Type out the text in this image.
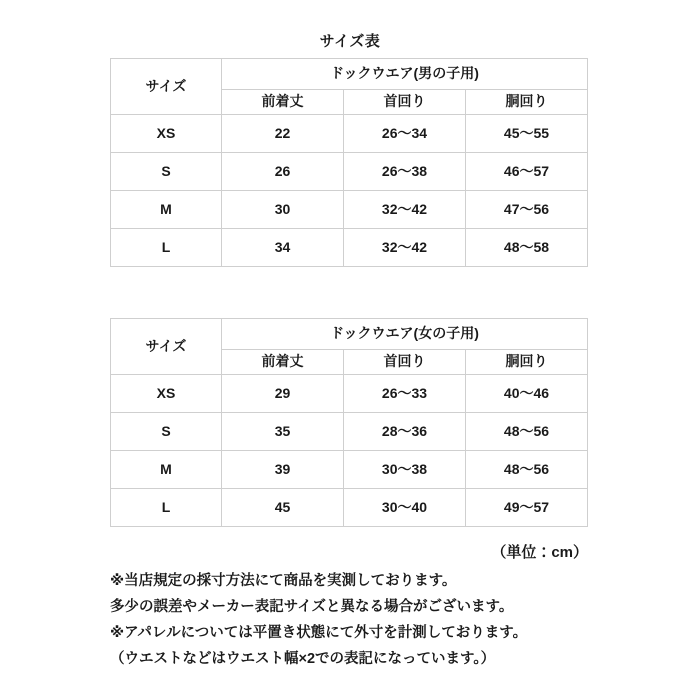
サイズ表
サイズ	ドックウエア(男の子用)		
	前着丈	首回り	胴回り
XS	22	26〜34	45〜55
S	26	26〜38	46〜57
M	30	32〜42	47〜56
L	34	32〜42	48〜58
サイズ	ドックウエア(女の子用)		
	前着丈	首回り	胴回り
XS	29	26〜33	40〜46
S	35	28〜36	48〜56
M	39	30〜38	48〜56
L	45	30〜40	49〜57
（単位：cm）
※当店規定の採寸方法にて商品を実測しております。
多少の誤差やメーカー表記サイズと異なる場合がございます。
※アパレルについては平置き状態にて外寸を計測しております。
（ウエストなどはウエスト幅×2での表記になっています。）
